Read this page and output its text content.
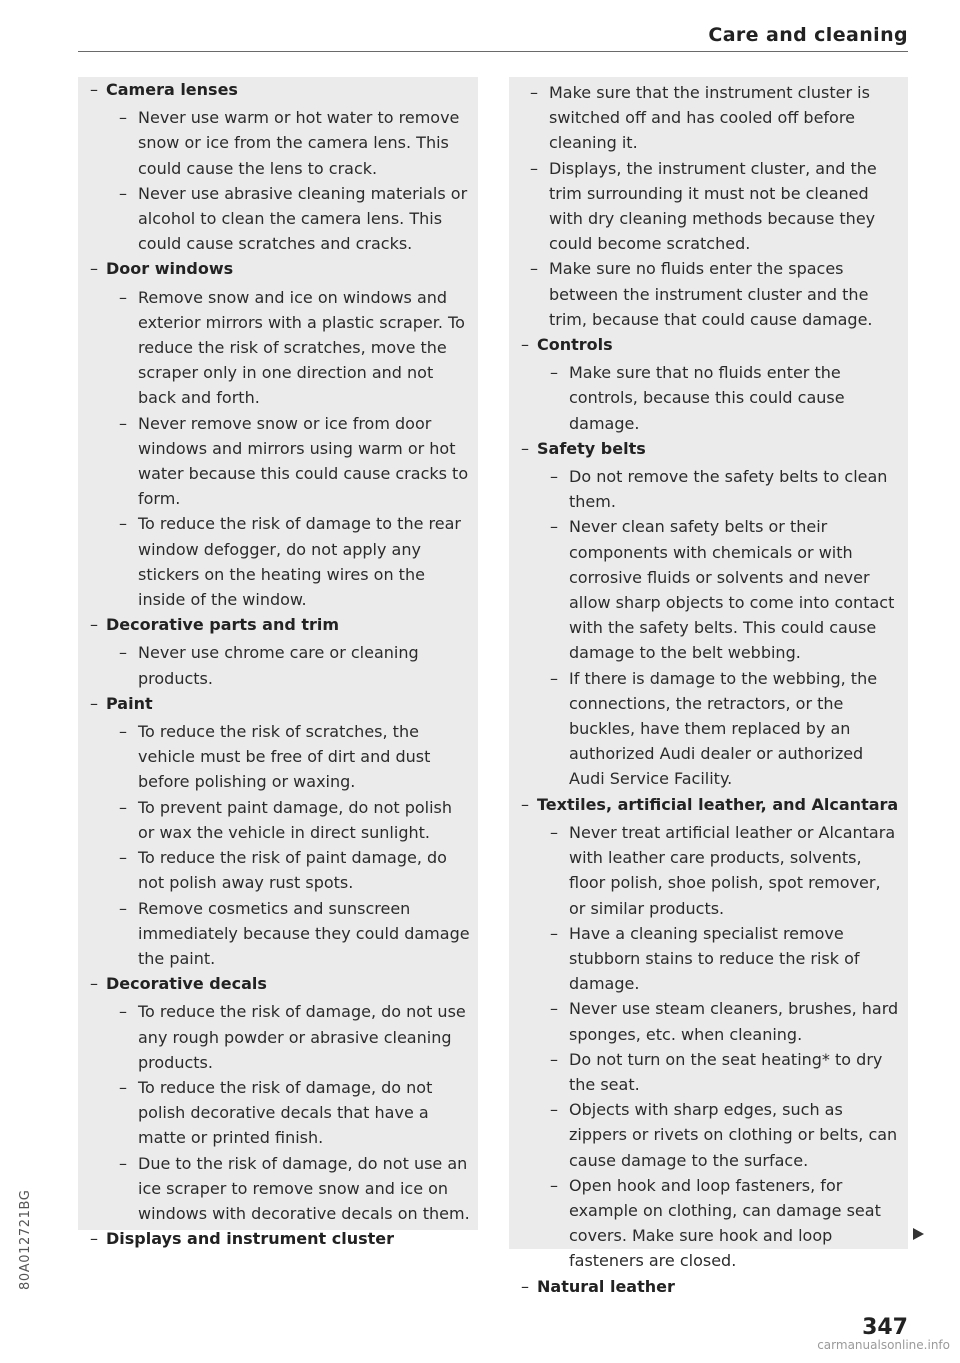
Care and cleaning
– Camera lenses
– Never use warm or hot water to remove snow or ice from the camera lens. This could cause the lens to crack.
– Never use abrasive cleaning materials or alcohol to clean the camera lens. This could cause scratches and cracks.
– Door windows
– Remove snow and ice on windows and exterior mirrors with a plastic scraper. To reduce the risk of scratches, move the scraper only in one direction and not back and forth.
– Never remove snow or ice from door windows and mirrors using warm or hot water because this could cause cracks to form.
– To reduce the risk of damage to the rear window defogger, do not apply any stickers on the heating wires on the inside of the window.
– Decorative parts and trim
– Never use chrome care or cleaning products.
– Paint
– To reduce the risk of scratches, the vehicle must be free of dirt and dust before polishing or waxing.
– To prevent paint damage, do not polish or wax the vehicle in direct sunlight.
– To reduce the risk of paint damage, do not polish away rust spots.
– Remove cosmetics and sunscreen immediately because they could damage the paint.
– Decorative decals
– To reduce the risk of damage, do not use any rough powder or abrasive cleaning products.
– To reduce the risk of damage, do not polish decorative decals that have a matte or printed finish.
– Due to the risk of damage, do not use an ice scraper to remove snow and ice on windows with decorative decals on them.
– Displays and instrument cluster
– Make sure that the instrument cluster is switched off and has cooled off before cleaning it.
– Displays, the instrument cluster, and the trim surrounding it must not be cleaned with dry cleaning methods because they could become scratched.
– Make sure no fluids enter the spaces between the instrument cluster and the trim, because that could cause damage.
– Controls
– Make sure that no fluids enter the controls, because this could cause damage.
– Safety belts
– Do not remove the safety belts to clean them.
– Never clean safety belts or their components with chemicals or with corrosive fluids or solvents and never allow sharp objects to come into contact with the safety belts. This could cause damage to the belt webbing.
– If there is damage to the webbing, the connections, the retractors, or the buckles, have them replaced by an authorized Audi dealer or authorized Audi Service Facility.
– Textiles, artificial leather, and Alcantara
– Never treat artificial leather or Alcantara with leather care products, solvents, floor polish, shoe polish, spot remover, or similar products.
– Have a cleaning specialist remove stubborn stains to reduce the risk of damage.
– Never use steam cleaners, brushes, hard sponges, etc. when cleaning.
– Do not turn on the seat heating* to dry the seat.
– Objects with sharp edges, such as zippers or rivets on clothing or belts, can cause damage to the surface.
– Open hook and loop fasteners, for example on clothing, can damage seat covers. Make sure hook and loop fasteners are closed.
– Natural leather
347
80A012721BG
carmanualsonline.info
